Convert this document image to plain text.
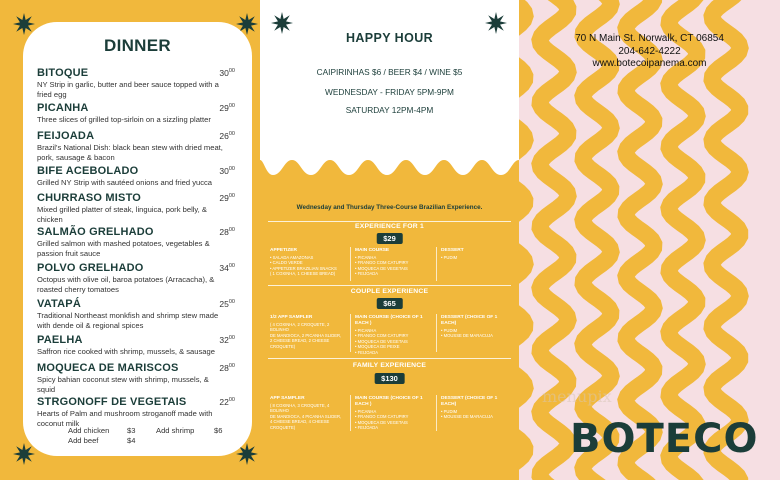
DINNER
BITOQUE	$30^{00}$
NY Strip in garlic, butter and beer sauce topped with a fried egg
PICANHA	$29^{00}$
Three slices of grilled top-sirloin on a sizzling platter
FEIJOADA	$26^{00}$
Brazil's National Dish: black bean stew with dried meat, pork, sausage & bacon
BIFE ACEBOLADO	$30^{00}$
Grilled NY Strip with sautéed onions and fried yucca
CHURRASO MISTO	$29^{00}$
Mixed grilled platter of steak, linguica, pork belly, & chicken
SALMÃO GRELHADO	$28^{00}$
Grilled salmon with mashed potatoes, vegetables & passion fruit sauce
POLVO GRELHADO	$34^{00}$
Octopus with olive oil, baroa potatoes (Arracacha), & roasted cherry tomatoes
VATAPÁ	$25^{00}$
Traditional Northeast monkfish and shrimp stew made with dende oil & regional spices
PAELHA	$32^{00}$
Saffron rice cooked with shrimp, mussels, & sausage
MOQUECA DE MARISCOS	$28^{00}$
Spicy bahian coconut stew with shrimp, mussels, & squid
STRGONOFF DE VEGETAIS	$22^{00}$
Hearts of Palm and mushroom stroganoff made with coconut milk
Add chicken $3	Add shrimp	$6
Add beef	$4
HAPPY HOUR
CAIPIRINHAS $6 / BEER $4 / WINE $5
WEDNESDAY - FRIDAY 5PM-9PM
SATURDAY 12PM-4PM
Wednesday and Thursday Three-Course Brazilian Experience.
EXPERIENCE FOR 1
$29
APPETIZER
• SALADA AMAZONAS
• CALDO VERDE
• APPETIZER BRAZILIAN SNACKS
( 1 COXINHA, 1 CHEESE BREAD)
MAIN COURSE
• PICANHA
• FRANGO COM CATUPIRY
• MOQUECA DE VEGETAIS
• FEIJOADA
DESSERT
• PUDIM
COUPLE EXPERIENCE
$65
1/2 APP SAMPLER
( 4 COXINHA, 2 CROQUETE, 2 BOLINHO
DE MANDIOCA, 2 PICANHA SLIDER,
2 CHEESE BREAD, 2 CHEESE
CROQUETE)
MAIN COURSE (CHOICE OF 1 EACH )
• PICANHA
• FRANGO COM CATUPIRY
• MOQUECA DE VEGETAIS
• MOQUECA DE PEIXE
• FEIJOADA
DESSERT (CHOICE OF 1 EACH)
• PUDIM
• MOUSSE DE MARACUJA
FAMILY EXPERIENCE
$130
APP SAMPLER
( 8 COXINHA, 3 CROQUETE, 4 BOLINHO
DE MANDIOCA, 4 PICANHA SLIDER,
4 CHEESE BREAD, 4 CHEESE
CROQUETE)
MAIN COURSE (CHOICE OF 1 EACH )
• PICANHA
• FRANGO COM CATUPIRY
• MOQUECA DE VEGETAIS
• FEIJOADA
DESSERT (CHOICE OF 1 EACH)
• PUDIM
• MOUSSE DE MARACUJA
70 N Main St. Norwalk, CT 06854
204-642-4222
www.botecoipanema.com
menupix
BOTECO
